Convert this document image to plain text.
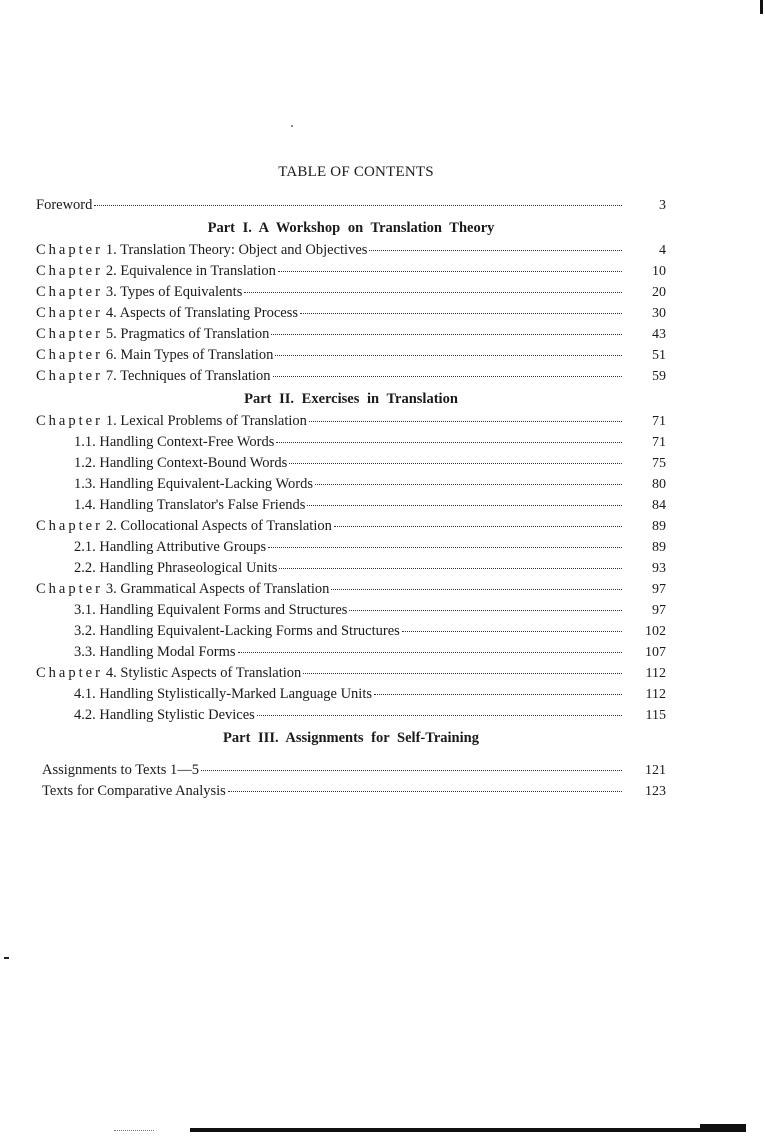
TABLE OF CONTENTS
Foreword	3
Part I. A Workshop on Translation Theory
Chapter 1. Translation Theory: Object and Objectives	4
Chapter 2. Equivalence in Translation	10
Chapter 3. Types of Equivalents	20
Chapter 4. Aspects of Translating Process	30
Chapter 5. Pragmatics of Translation	43
Chapter 6. Main Types of Translation	51
Chapter 7. Techniques of Translation	59
Part II. Exercises in Translation
Chapter 1. Lexical Problems of Translation	71
1.1. Handling Context-Free Words	71
1.2. Handling Context-Bound Words	75
1.3. Handling Equivalent-Lacking Words	80
1.4. Handling Translator's False Friends	84
Chapter 2. Collocational Aspects of Translation	89
2.1. Handling Attributive Groups	89
2.2. Handling Phraseological Units	93
Chapter 3. Grammatical Aspects of Translation	97
3.1. Handling Equivalent Forms and Structures	97
3.2. Handling Equivalent-Lacking Forms and Structures	102
3.3. Handling Modal Forms	107
Chapter 4. Stylistic Aspects of Translation	112
4.1. Handling Stylistically-Marked Language Units	112
4.2. Handling Stylistic Devices	115
Part III. Assignments for Self-Training
Assignments to Texts 1—5	121
Texts for Comparative Analysis	123
